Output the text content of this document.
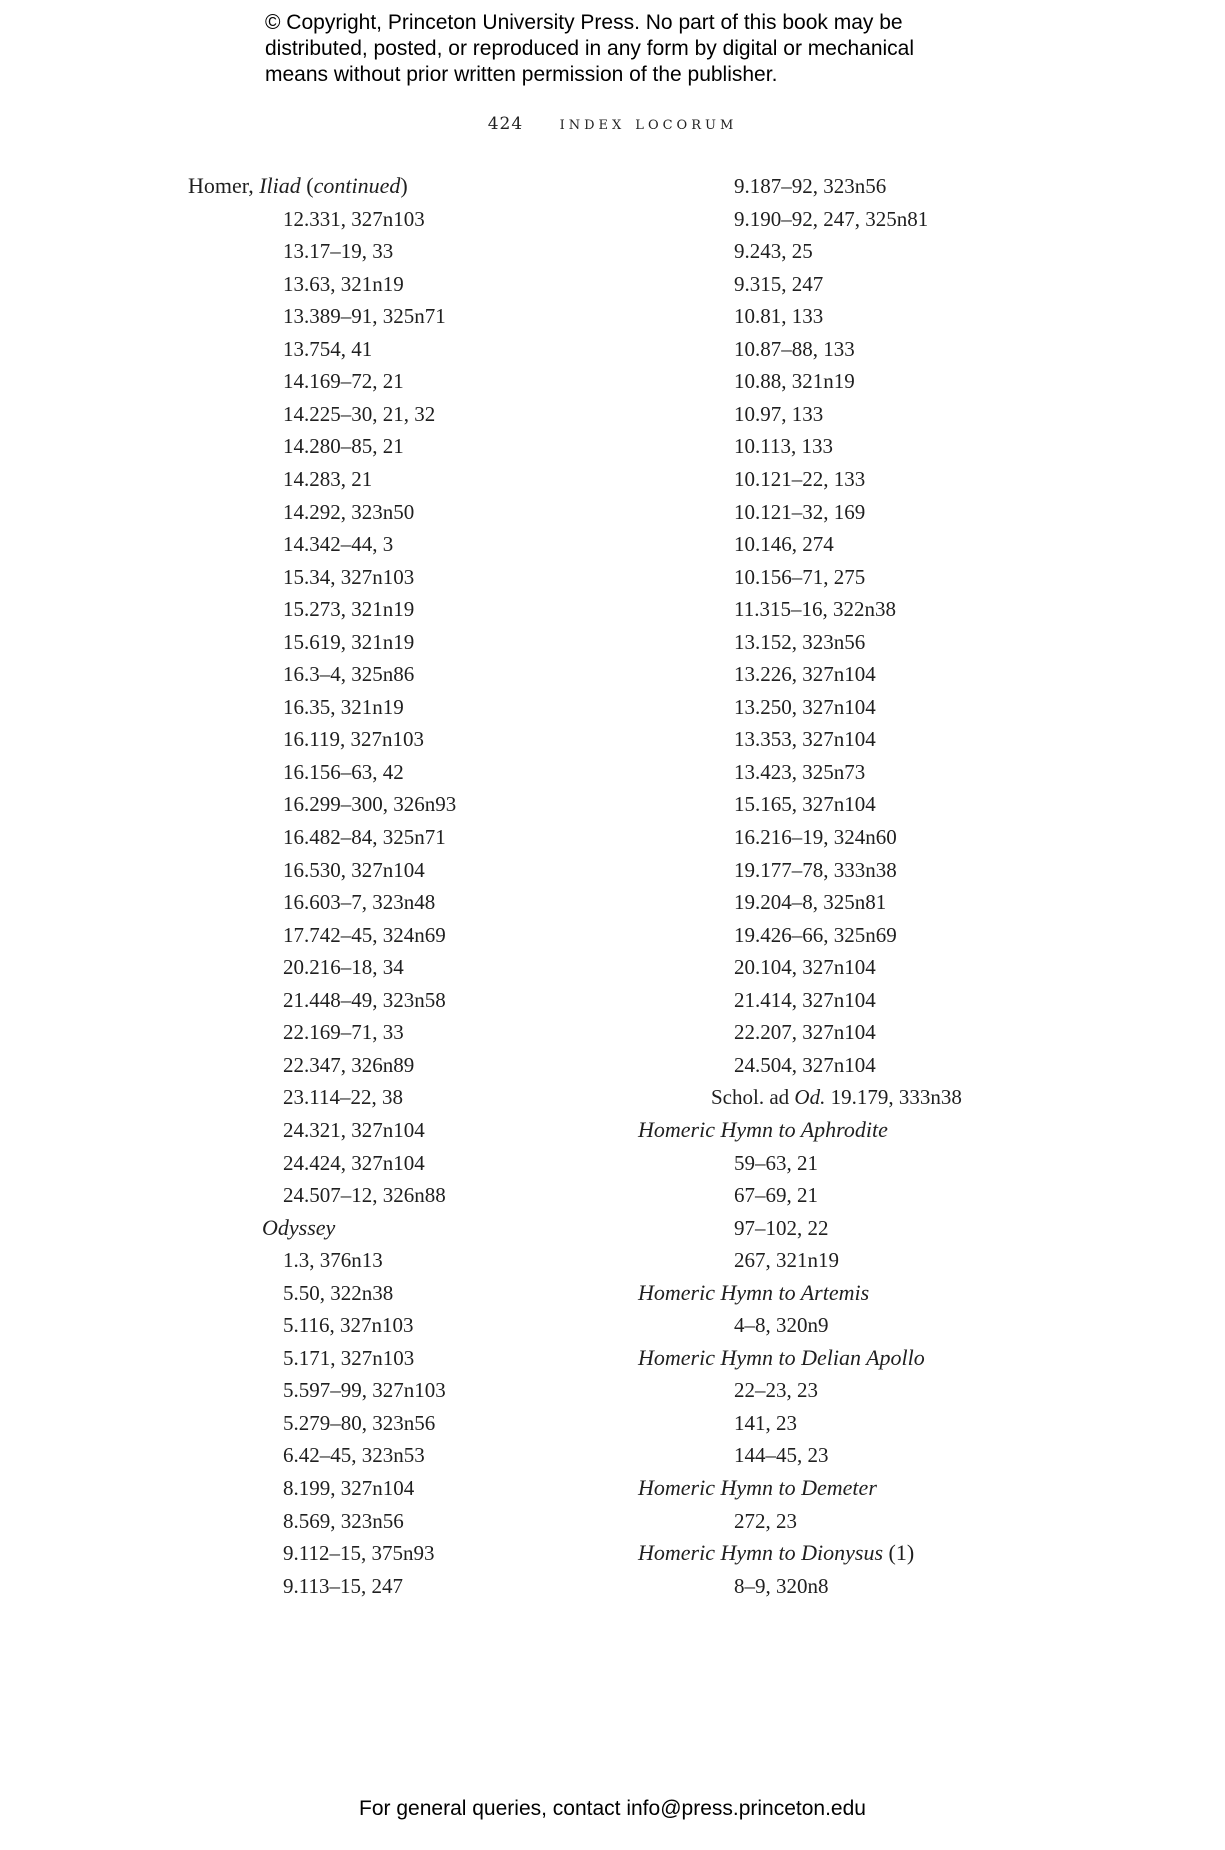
© Copyright, Princeton University Press. No part of this book may be
distributed, posted, or reproduced in any form by digital or mechanical
means without prior written permission of the publisher.
424 index locorum
Homer, Iliad (continued)
12.331, 327n103
13.17–19, 33
13.63, 321n19
13.389–91, 325n71
13.754, 41
14.169–72, 21
14.225–30, 21, 32
14.280–85, 21
14.283, 21
14.292, 323n50
14.342–44, 3
15.34, 327n103
15.273, 321n19
15.619, 321n19
16.3–4, 325n86
16.35, 321n19
16.119, 327n103
16.156–63, 42
16.299–300, 326n93
16.482–84, 325n71
16.530, 327n104
16.603–7, 323n48
17.742–45, 324n69
20.216–18, 34
21.448–49, 323n58
22.169–71, 33
22.347, 326n89
23.114–22, 38
24.321, 327n104
24.424, 327n104
24.507–12, 326n88
Odyssey
1.3, 376n13
5.50, 322n38
5.116, 327n103
5.171, 327n103
5.597–99, 327n103
5.279–80, 323n56
6.42–45, 323n53
8.199, 327n104
8.569, 323n56
9.112–15, 375n93
9.113–15, 247
9.187–92, 323n56
9.190–92, 247, 325n81
9.243, 25
9.315, 247
10.81, 133
10.87–88, 133
10.88, 321n19
10.97, 133
10.113, 133
10.121–22, 133
10.121–32, 169
10.146, 274
10.156–71, 275
11.315–16, 322n38
13.152, 323n56
13.226, 327n104
13.250, 327n104
13.353, 327n104
13.423, 325n73
15.165, 327n104
16.216–19, 324n60
19.177–78, 333n38
19.204–8, 325n81
19.426–66, 325n69
20.104, 327n104
21.414, 327n104
22.207, 327n104
24.504, 327n104
Schol. ad Od. 19.179, 333n38
Homeric Hymn to Aphrodite
59–63, 21
67–69, 21
97–102, 22
267, 321n19
Homeric Hymn to Artemis
4–8, 320n9
Homeric Hymn to Delian Apollo
22–23, 23
141, 23
144–45, 23
Homeric Hymn to Demeter
272, 23
Homeric Hymn to Dionysus (1)
8–9, 320n8
For general queries, contact info@press.princeton.edu
